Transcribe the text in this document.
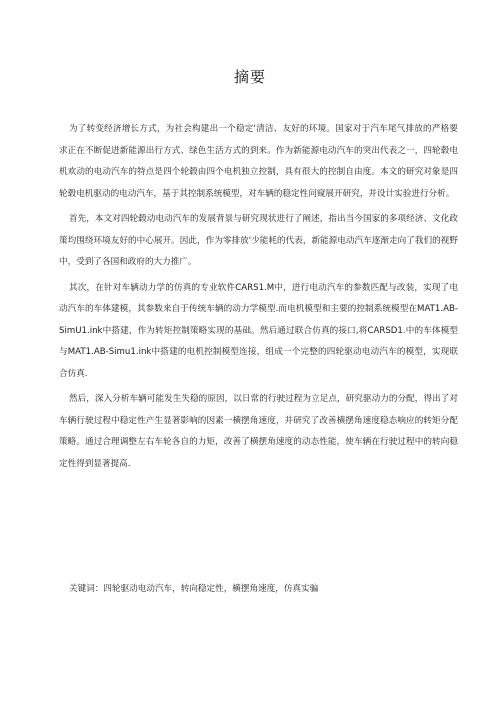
摘要

为了转变经济增长方式，为社会构建出一个稳定'清洁、友好的环境。国家对于汽车尾气排放的严格要求正在不断促进新能源出行方式、绿色生活方式的到来。作为新能源电动汽车的突出代表之一，四轮毂电机欢动的电动汽车的特点是四个轮毂由四个电机独立控制，具有很大的控制自由度。本文的研究对象是四轮毂电机驱动的电动汽车，基于其控制系统模型，对车辆的稳定性问窥展开研究，并设计实验进行分析。

首先，本文对四轮毂动电动汽车的发展背景与研究现状进行了阐述，指出当今国家的多项经济、文化政策均围绕环境友好的中心展开。因此，作为零排放'少能耗的代表，新能源电动汽车逐渐走向了我们的视野中，受到了各国和政府的大力推广。

其次，在针对车辆动力学的仿真的专业软件CARS1.M中，进行电动汽车的参数匹配与改装，实现了电动汽车的车体建模，其参数来自于传统车辆的动力学模型.而电机模型和主要的控制系统模型在MAT1.AB-SimU1.ink中搭建，作为转矩控制策略实现的基础。然后通过联合仿真的接口,将CARSD1.中的车体模型与MAT1.AB-Simu1.ink中搭建的电机控制模型连接，组成一个完整的四轮驱动电动汽车的模型，实现联合仿真.

然后，深入分析车辆可能发生失稳的原因，以日常的行驶过程为立足点，研究驱动力的分配，得出了对车辆行驶过程中稳定性产生显著影响的因素一横摆角速度，并研究了改善横摆角速度稳态响应的转矩分配策略。通过合理调整左右车轮各自的力矩，改善了横摆角速度的动态性能，使车辆在行驶过程中的转向稳定性得到显著提高.

关键词：四轮驱动电动汽车，转向稳定性，横摆角速度，仿真实骗
